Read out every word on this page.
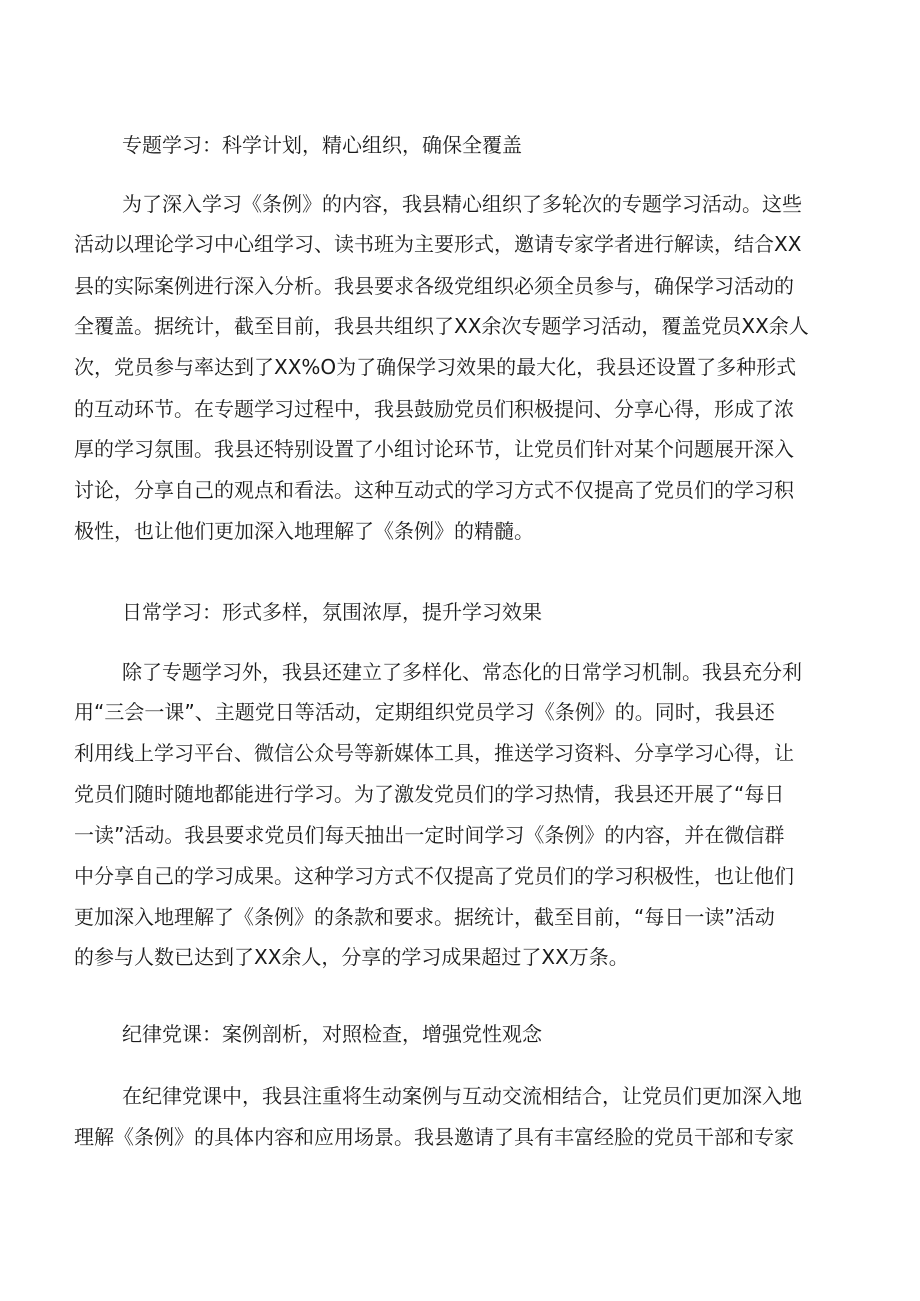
专题学习：科学计划，精心组织，确保全覆盖
为了深入学习《条例》的内容，我县精心组织了多轮次的专题学习活动。这些
活动以理论学习中心组学习、读书班为主要形式，邀请专家学者进行解读，结合XX
县的实际案例进行深入分析。我县要求各级党组织必须全员参与，确保学习活动的
全覆盖。据统计，截至目前，我县共组织了XX余次专题学习活动，覆盖党员XX余人
次，党员参与率达到了XX%O为了确保学习效果的最大化，我县还设置了多种形式
的互动环节。在专题学习过程中，我县鼓励党员们积极提问、分享心得，形成了浓
厚的学习氛围。我县还特别设置了小组讨论环节，让党员们针对某个问题展开深入
讨论，分享自己的观点和看法。这种互动式的学习方式不仅提高了党员们的学习积
极性，也让他们更加深入地理解了《条例》的精髓。
日常学习：形式多样，氛围浓厚，提升学习效果
除了专题学习外，我县还建立了多样化、常态化的日常学习机制。我县充分利
用“三会一课”、主题党日等活动，定期组织党员学习《条例》的。同时，我县还
利用线上学习平台、微信公众号等新媒体工具，推送学习资料、分享学习心得，让
党员们随时随地都能进行学习。为了激发党员们的学习热情，我县还开展了“每日
一读”活动。我县要求党员们每天抽出一定时间学习《条例》的内容，并在微信群
中分享自己的学习成果。这种学习方式不仅提高了党员们的学习积极性，也让他们
更加深入地理解了《条例》的条款和要求。据统计，截至目前，“每日一读”活动
的参与人数已达到了XX余人，分享的学习成果超过了XX万条。
纪律党课：案例剖析，对照检查，增强党性观念
在纪律党课中，我县注重将生动案例与互动交流相结合，让党员们更加深入地
理解《条例》的具体内容和应用场景。我县邀请了具有丰富经脸的党员干部和专家
